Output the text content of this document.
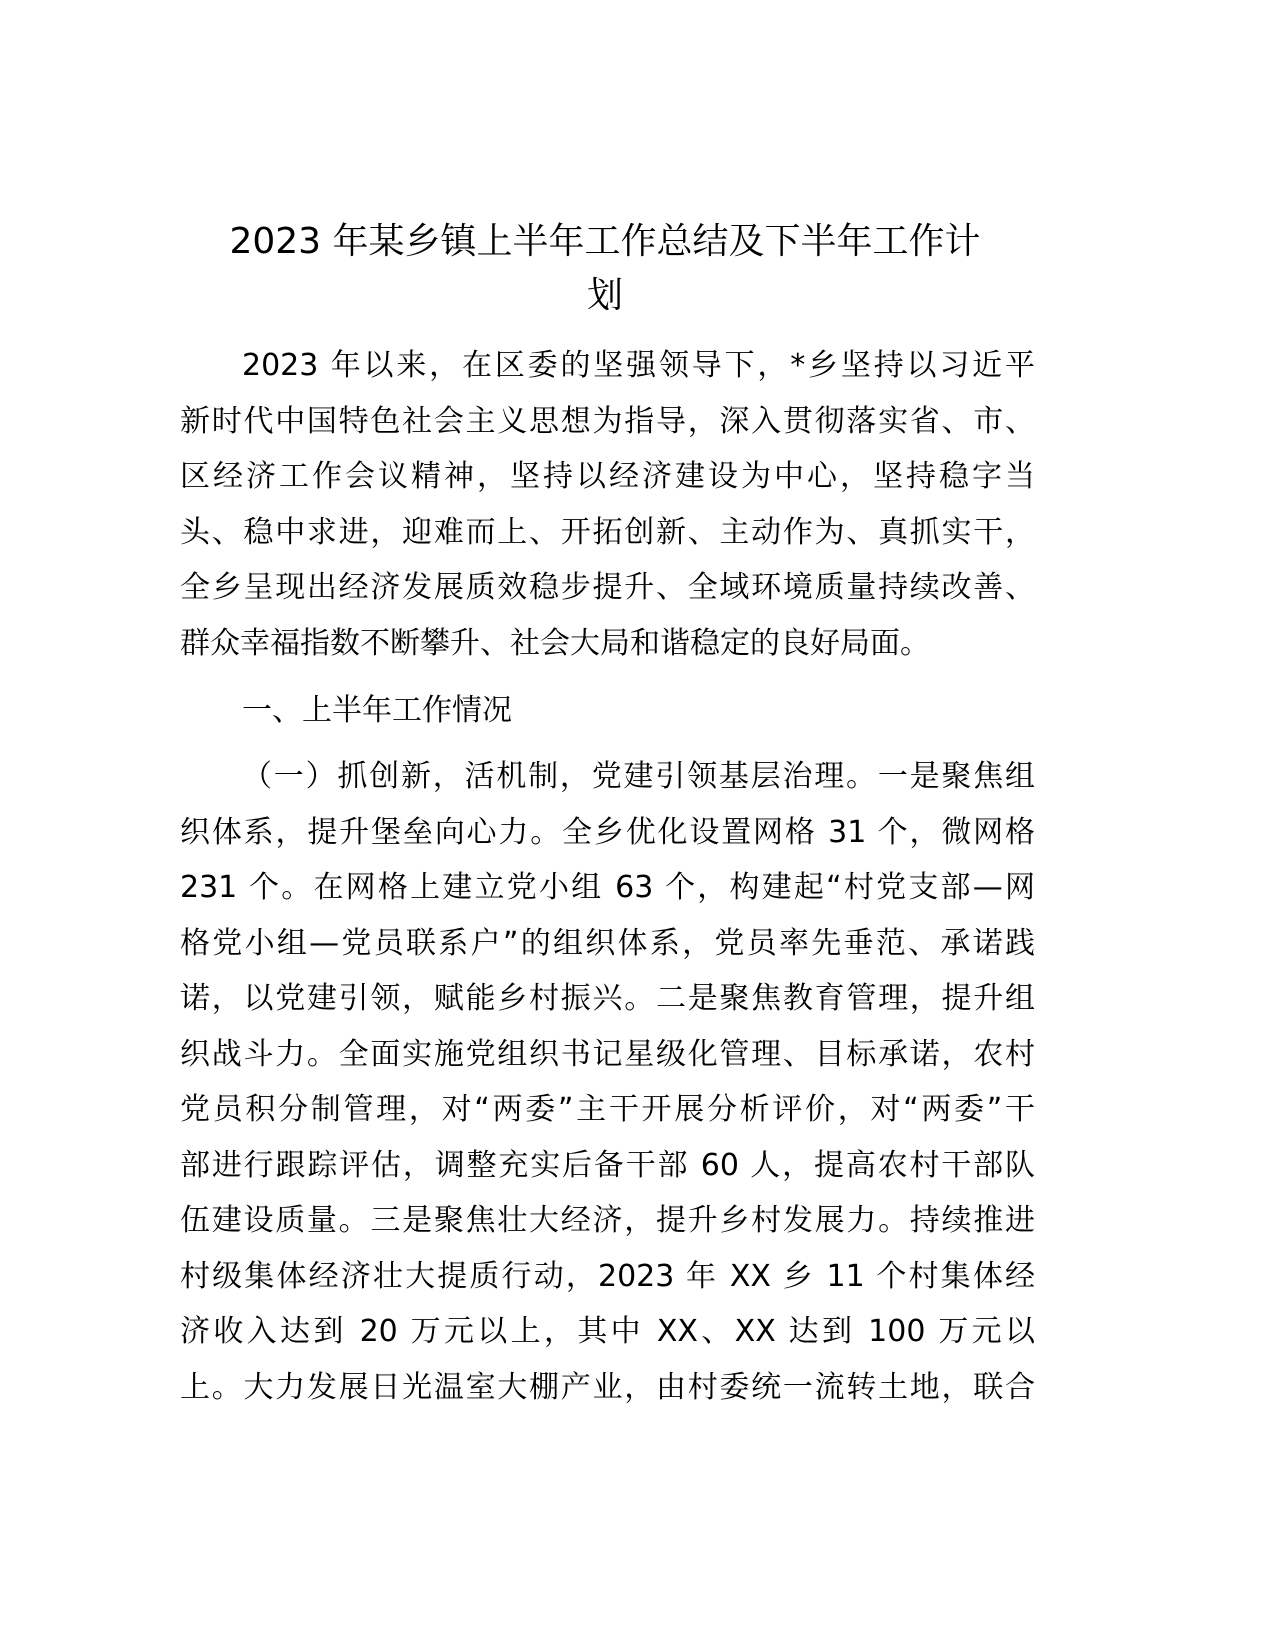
2023 年某乡镇上半年工作总结及下半年工作计
划
2023 年以来，在区委的坚强领导下，*乡坚持以习近平
新时代中国特色社会主义思想为指导，深入贯彻落实省、市、
区经济工作会议精神，坚持以经济建设为中心，坚持稳字当
头、稳中求进，迎难而上、开拓创新、主动作为、真抓实干，
全乡呈现出经济发展质效稳步提升、全域环境质量持续改善、
群众幸福指数不断攀升、社会大局和谐稳定的良好局面。
一、上半年工作情况
（一）抓创新，活机制，党建引领基层治理。一是聚焦组
织体系，提升堡垒向心力。全乡优化设置网格 31 个，微网格
231 个。在网格上建立党小组 63 个，构建起“村党支部—网
格党小组—党员联系户”的组织体系，党员率先垂范、承诺践
诺，以党建引领，赋能乡村振兴。二是聚焦教育管理，提升组
织战斗力。全面实施党组织书记星级化管理、目标承诺，农村
党员积分制管理，对“两委”主干开展分析评价，对“两委”干
部进行跟踪评估，调整充实后备干部 60 人，提高农村干部队
伍建设质量。三是聚焦壮大经济，提升乡村发展力。持续推进
村级集体经济壮大提质行动，2023 年 XX 乡 11 个村集体经
济收入达到 20 万元以上，其中 XX、XX 达到 100 万元以
上。大力发展日光温室大棚产业，由村委统一流转土地，联合
